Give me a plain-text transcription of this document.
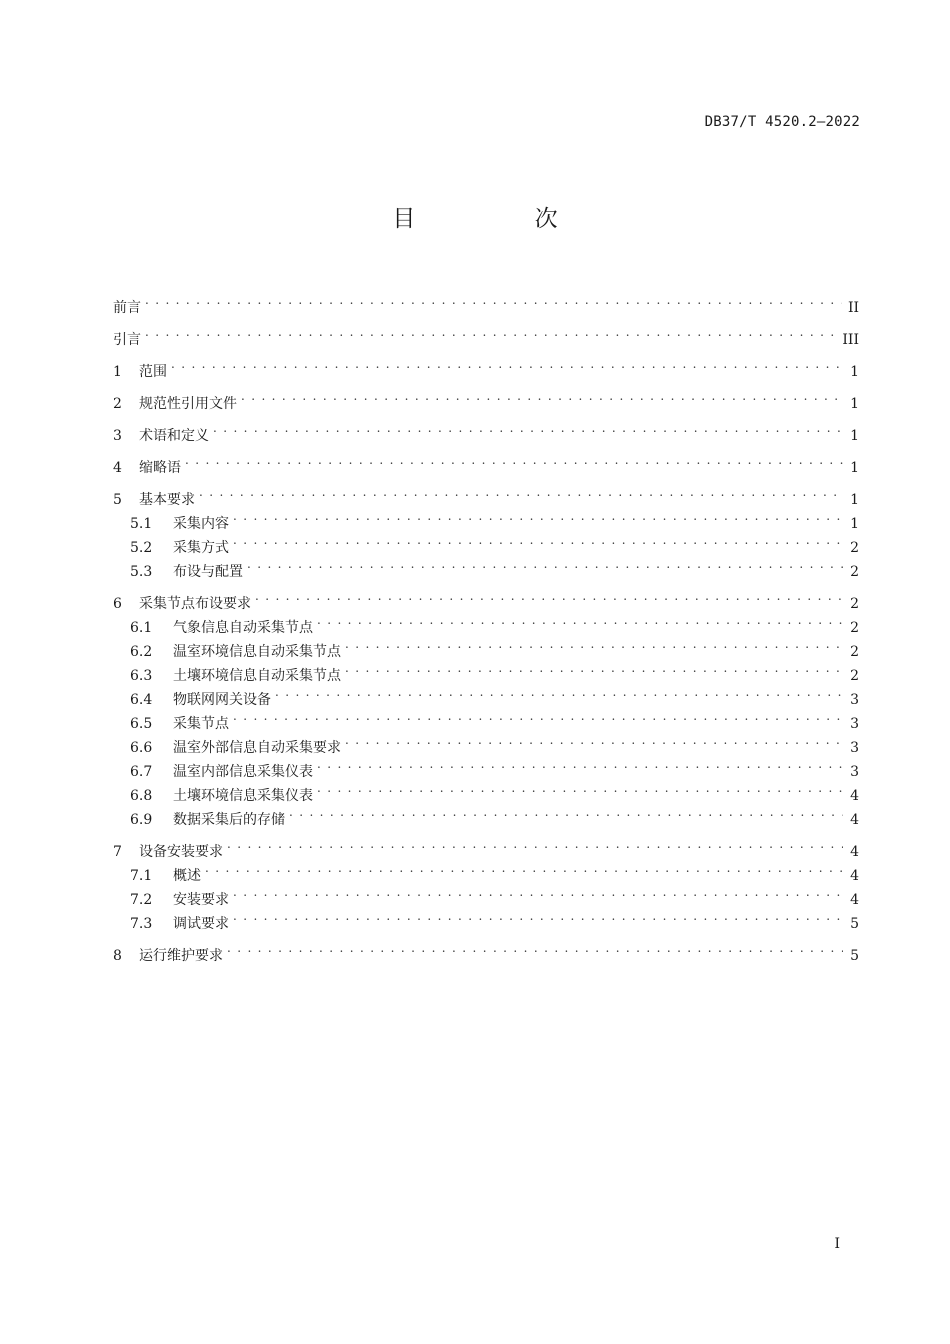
DB37/T 4520.2—2022
目 次
前言 . . .	II
引言 . . .	III
1	范围 . . .	1
2	规范性引用文件 . . .	1
3	术语和定义 . . .	1
4	缩略语 . . .	1
5	基本要求 . . .	1
5.1	采集内容 . . .	1
5.2	采集方式 . . .	2
5.3	布设与配置 . . .	2
6	采集节点布设要求 . . .	2
6.1	气象信息自动采集节点 . . .	2
6.2	温室环境信息自动采集节点 . . .	2
6.3	土壤环境信息自动采集节点 . . .	2
6.4	物联网网关设备 . . .	3
6.5	采集节点 . . .	3
6.6	温室外部信息自动采集要求 . . .	3
6.7	温室内部信息采集仪表 . . .	3
6.8	土壤环境信息采集仪表 . . .	4
6.9	数据采集后的存储 . . .	4
7	设备安装要求 . . .	4
7.1	概述 . . .	4
7.2	安装要求 . . .	4
7.3	调试要求 . . .	5
8	运行维护要求 . . .	5
I
